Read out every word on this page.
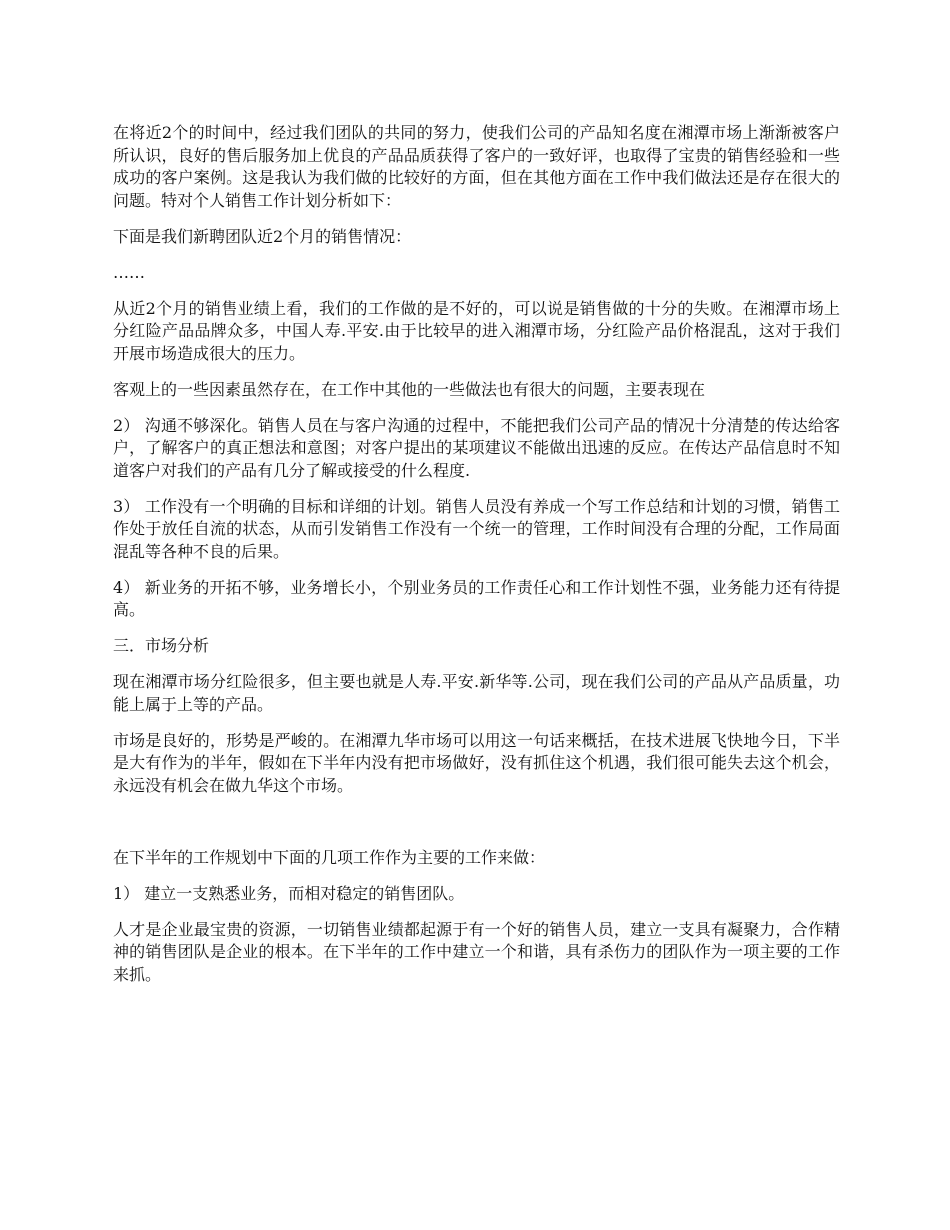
在将近2个的时间中，经过我们团队的共同的努力，使我们公司的产品知名度在湘潭市场上渐渐被客户所认识，良好的售后服务加上优良的产品品质获得了客户的一致好评，也取得了宝贵的销售经验和一些成功的客户案例。这是我认为我们做的比较好的方面，但在其他方面在工作中我们做法还是存在很大的问题。特对个人销售工作计划分析如下：

下面是我们新聘团队近2个月的销售情况：

……

从近2个月的销售业绩上看，我们的工作做的是不好的，可以说是销售做的十分的失败。在湘潭市场上分红险产品品牌众多，中国人寿.平安.由于比较早的进入湘潭市场，分红险产品价格混乱，这对于我们开展市场造成很大的压力。

客观上的一些因素虽然存在，在工作中其他的一些做法也有很大的问题，主要表现在

2） 沟通不够深化。销售人员在与客户沟通的过程中，不能把我们公司产品的情况十分清楚的传达给客户，了解客户的真正想法和意图；对客户提出的某项建议不能做出迅速的反应。在传达产品信息时不知道客户对我们的产品有几分了解或接受的什么程度.

3） 工作没有一个明确的目标和详细的计划。销售人员没有养成一个写工作总结和计划的习惯，销售工作处于放任自流的状态，从而引发销售工作没有一个统一的管理，工作时间没有合理的分配，工作局面混乱等各种不良的后果。

4） 新业务的开拓不够，业务增长小，个别业务员的工作责任心和工作计划性不强，业务能力还有待提高。

三．市场分析

现在湘潭市场分红险很多，但主要也就是人寿.平安.新华等.公司，现在我们公司的产品从产品质量，功能上属于上等的产品。

市场是良好的，形势是严峻的。在湘潭九华市场可以用这一句话来概括，在技术进展飞快地今日，下半是大有作为的半年，假如在下半年内没有把市场做好，没有抓住这个机遇，我们很可能失去这个机会，永远没有机会在做九华这个市场。

在下半年的工作规划中下面的几项工作作为主要的工作来做：

1） 建立一支熟悉业务，而相对稳定的销售团队。

人才是企业最宝贵的资源，一切销售业绩都起源于有一个好的销售人员，建立一支具有凝聚力，合作精神的销售团队是企业的根本。在下半年的工作中建立一个和谐，具有杀伤力的团队作为一项主要的工作来抓。
